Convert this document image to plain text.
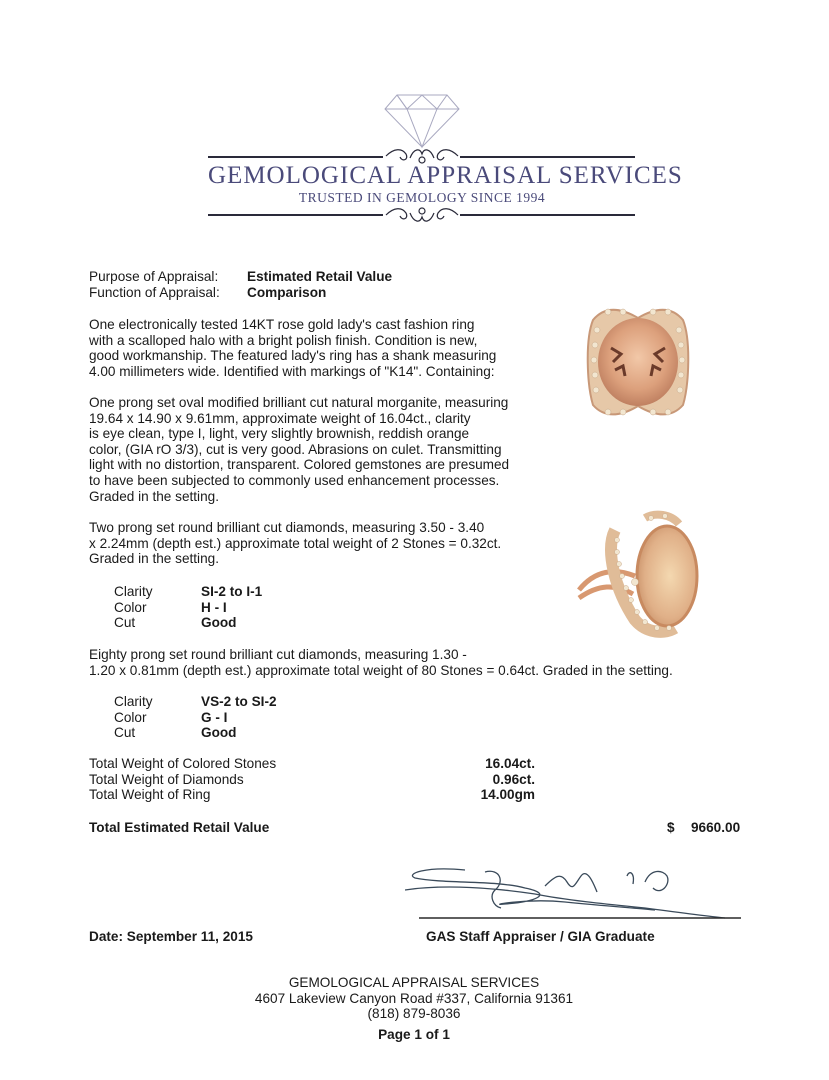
GEMOLOGICAL APPRAISAL SERVICES
TRUSTED IN GEMOLOGY SINCE 1994
Purpose of Appraisal: Estimated Retail Value
Function of Appraisal: Comparison
One electronically tested 14KT rose gold lady's cast fashion ring
with a scalloped halo with a bright polish finish. Condition is new,
good workmanship. The featured lady's ring has a shank measuring
4.00 millimeters wide. Identified with markings of "K14". Containing:
One prong set oval modified brilliant cut natural morganite, measuring
19.64 x 14.90 x 9.61mm, approximate weight of 16.04ct., clarity
is eye clean, type I, light, very slightly brownish, reddish orange
color, (GIA rO 3/3), cut is very good. Abrasions on culet. Transmitting
light with no distortion, transparent. Colored gemstones are presumed
to have been subjected to commonly used enhancement processes.
Graded in the setting.
Two prong set round brilliant cut diamonds, measuring 3.50 - 3.40
x 2.24mm (depth est.) approximate total weight of 2 Stones = 0.32ct.
Graded in the setting.
Clarity	SI-2 to I-1
Color	H - I
Cut	Good
Eighty prong set round brilliant cut diamonds, measuring 1.30 -
1.20 x 0.81mm (depth est.) approximate total weight of 80 Stones = 0.64ct. Graded in the setting.
Clarity	VS-2 to SI-2
Color	G - I
Cut	Good
Total Weight of Colored Stones	16.04ct.
Total Weight of Diamonds	0.96ct.
Total Weight of Ring	14.00gm
Total Estimated Retail Value	$ 9660.00
Date: September 11, 2015	GAS Staff Appraiser / GIA Graduate
GEMOLOGICAL APPRAISAL SERVICES
4607 Lakeview Canyon Road #337, California 91361
(818) 879-8036
Page 1 of 1
